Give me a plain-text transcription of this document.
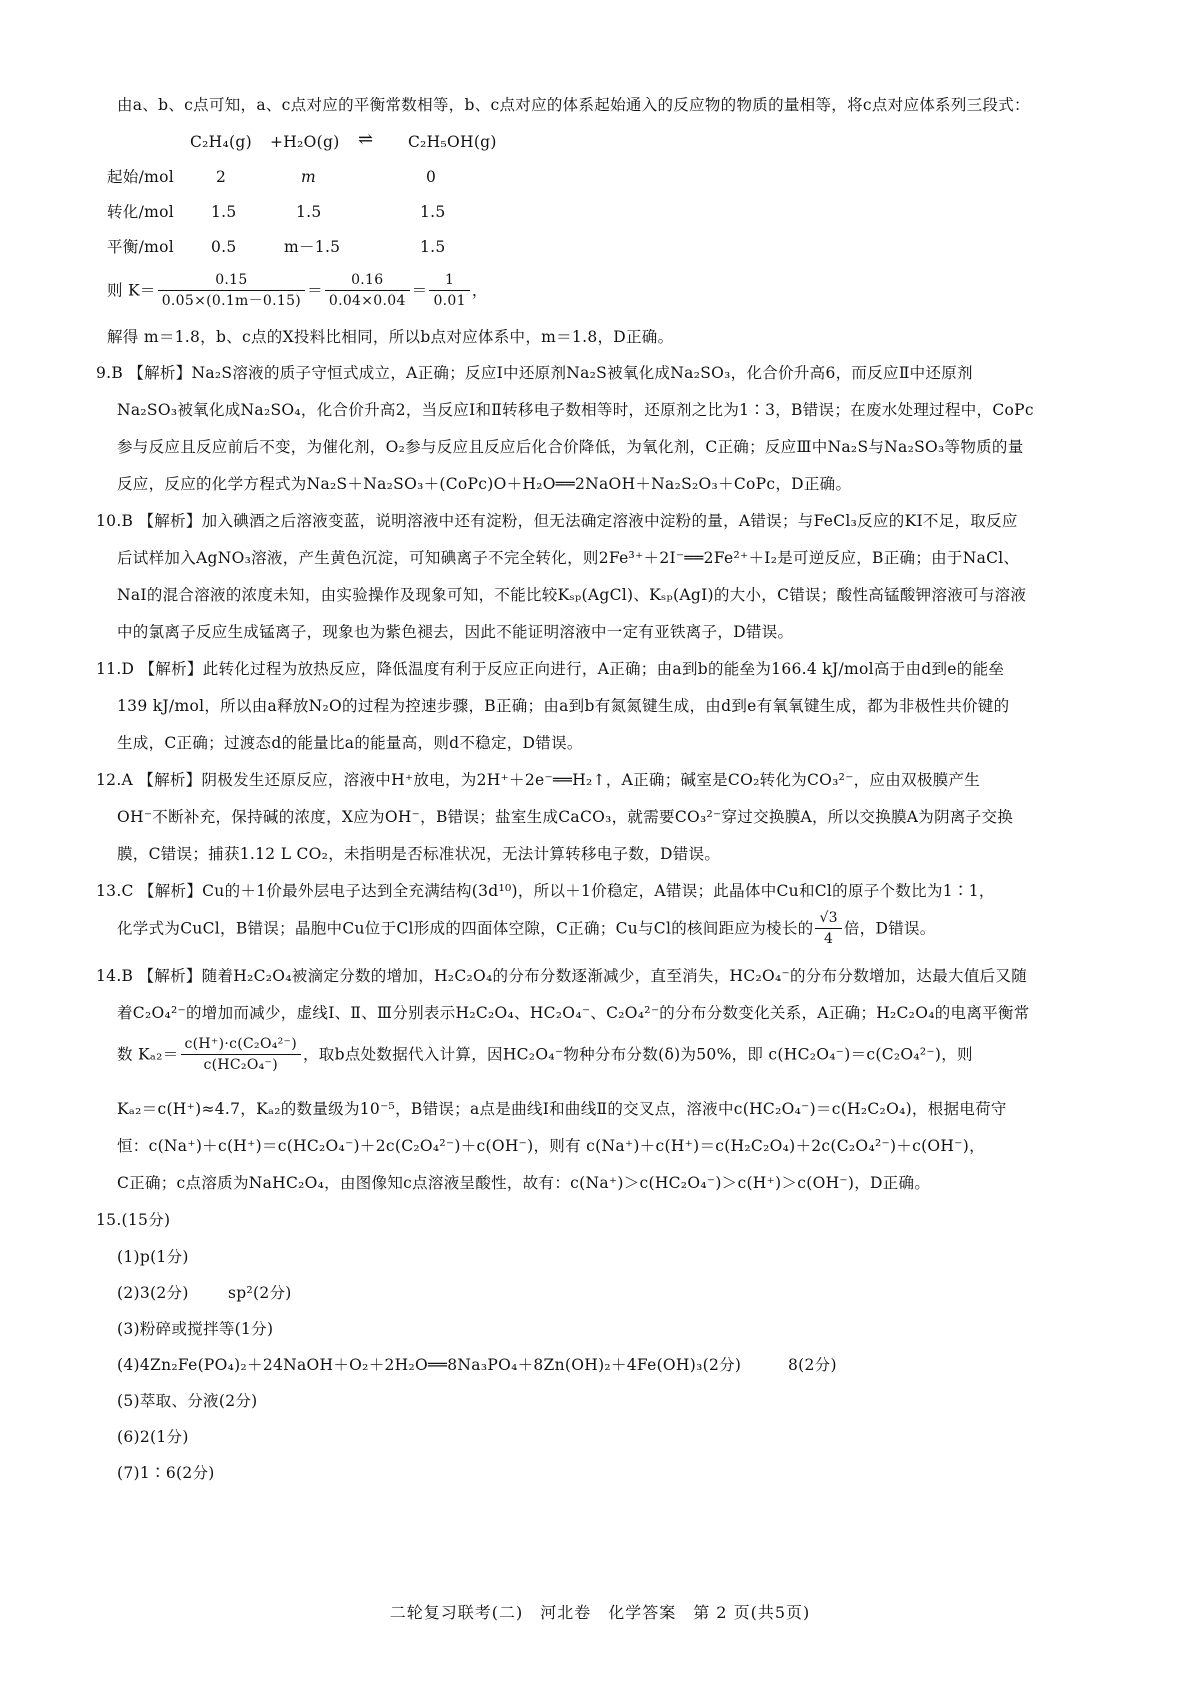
由a、b、c点可知，a、c点对应的平衡常数相等，b、c点对应的体系起始通入的反应物的物质的量相等，将c点对应体系列三段式：
C₂H₄(g) +H₂O(g) ⇌ C₂H₅OH(g)
起始/mol	2	m	0
转化/mol 1.5	1.5	1.5
平衡/mol 0.5	m－1.5	1.5
则 $K= \frac{0.15}{0.05\times(0.1m-0.15)} = \frac{0.16}{0.04\times 0.04} = \frac{1}{0.01}$ ，
解得 m＝1.8，b、c点的X投料比相同，所以b点对应体系中，m＝1.8，D正确。
9.B 【解析】Na₂S溶液的质子守恒式成立，A正确；反应Ⅰ中还原剂Na₂S被氧化成Na₂SO₃，化合价升高6，而反应Ⅱ中还原剂
Na₂SO₃被氧化成Na₂SO₄，化合价升高2，当反应Ⅰ和Ⅱ转移电子数相等时，还原剂之比为1∶3，B错误；在废水处理过程中，CoPc
参与反应且反应前后不变，为催化剂，O₂参与反应且反应后化合价降低，为氧化剂，C正确；反应Ⅲ中Na₂S与Na₂SO₃等物质的量
反应，反应的化学方程式为Na₂S＋Na₂SO₃＋(CoPc)O＋H₂O══2NaOH＋Na₂S₂O₃＋CoPc，D正确。
10.B 【解析】加入碘酒之后溶液变蓝，说明溶液中还有淀粉，但无法确定溶液中淀粉的量，A错误；与FeCl₃反应的KI不足，取反应
后试样加入AgNO₃溶液，产生黄色沉淀，可知碘离子不完全转化，则2Fe³⁺＋2I⁻══2Fe²⁺＋I₂是可逆反应，B正确；由于NaCl、
NaI的混合溶液的浓度未知，由实验操作及现象可知，不能比较Kₛₚ(AgCl)、Kₛₚ(AgI)的大小，C错误；酸性高锰酸钾溶液可与溶液
中的氯离子反应生成锰离子，现象也为紫色褪去，因此不能证明溶液中一定有亚铁离子，D错误。
11.D 【解析】此转化过程为放热反应，降低温度有利于反应正向进行，A正确；由a到b的能垒为166.4 kJ/mol高于由d到e的能垒
139 kJ/mol，所以由a释放N₂O的过程为控速步骤，B正确；由a到b有氮氮键生成，由d到e有氧氧键生成，都为非极性共价键的
生成，C正确；过渡态d的能量比a的能量高，则d不稳定，D错误。
12.A 【解析】阴极发生还原反应，溶液中H⁺放电，为2H⁺＋2e⁻══H₂↑，A正确；碱室是CO₂转化为CO₃²⁻，应由双极膜产生
OH⁻不断补充，保持碱的浓度，X应为OH⁻，B错误；盐室生成CaCO₃，就需要CO₃²⁻穿过交换膜A，所以交换膜A为阴离子交换
膜，C错误；捕获1.12 L CO₂，未指明是否标准状况，无法计算转移电子数，D错误。
13.C 【解析】Cu的＋1价最外层电子达到全充满结构(3d¹⁰)，所以＋1价稳定，A错误；此晶体中Cu和Cl的原子个数比为1∶1，
化学式为CuCl，B错误；晶胞中Cu位于Cl形成的四面体空隙，C正确；Cu与Cl的核间距应为棱长的 $\frac{√3}{4}$ 倍，D错误。
14.B 【解析】随着H₂C₂O₄被滴定分数的增加，H₂C₂O₄的分布分数逐渐减少，直至消失，HC₂O₄⁻的分布分数增加，达最大值后又随
着C₂O₄²⁻的增加而减少，虚线Ⅰ、Ⅱ、Ⅲ分别表示H₂C₂O₄、HC₂O₄⁻、C₂O₄²⁻的分布分数变化关系，A正确；H₂C₂O₄的电离平衡常
数 $K_{a2}= \frac{\text{c(H⁺)·c(C₂O₄²⁻)}}{\text{c(HC₂O₄⁻)}}$ ，取b点处数据代入计算，因HC₂O₄⁻物种分布分数(δ)为50%，即 c(HC₂O₄⁻)＝c(C₂O₄²⁻)，则
Kₐ₂＝c(H⁺)≈4.7，Kₐ₂的数量级为10⁻⁵，B错误；a点是曲线Ⅰ和曲线Ⅱ的交叉点，溶液中c(HC₂O₄⁻)＝c(H₂C₂O₄)，根据电荷守
恒：c(Na⁺)＋c(H⁺)＝c(HC₂O₄⁻)＋2c(C₂O₄²⁻)＋c(OH⁻)，则有 c(Na⁺)＋c(H⁺)＝c(H₂C₂O₄)＋2c(C₂O₄²⁻)＋c(OH⁻)，
C正确；c点溶质为NaHC₂O₄，由图像知c点溶液呈酸性，故有：c(Na⁺)＞c(HC₂O₄⁻)＞c(H⁺)＞c(OH⁻)，D正确。
15.(15分)
(1)p(1分)
(2)3(2分)	sp²(2分)
(3)粉碎或搅拌等(1分)
(4)4Zn₂Fe(PO₄)₂＋24NaOH＋O₂＋2H₂O══8Na₃PO₄＋8Zn(OH)₂＋4Fe(OH)₃(2分)	8(2分)
(5)萃取、分液(2分)
(6)2(1分)
(7)1∶6(2分)
二轮复习联考(二)　河北卷　化学答案　第 2 页(共5页)
